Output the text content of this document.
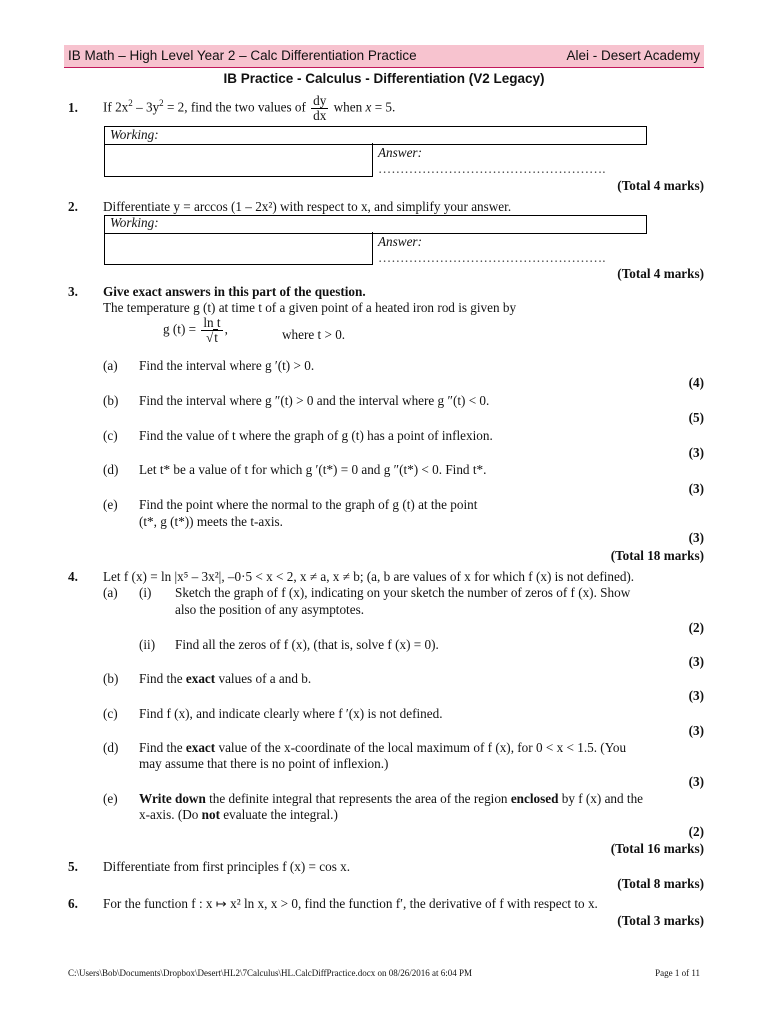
IB Math – High Level Year 2 – Calc Differentiation Practice	Alei - Desert Academy
IB Practice - Calculus - Differentiation (V2 Legacy)
1. If $2x^2 - 3y^2 = 2$, find the two values of $\frac{dy}{dx}$ when x = 5.
Working:
Answer:
…………………………………………….
(Total 4 marks)
2. Differentiate y = arccos (1 – 2x²) with respect to x, and simplify your answer.
Working:
Answer:
…………………………………………….
(Total 4 marks)
3. Give exact answers in this part of the question.
The temperature g (t) at time t of a given point of a heated iron rod is given by
g $(t) = \frac{\text{ln t}}{√t}$ ,	where t > 0.
(a) Find the interval where g ′(t) > 0.
(4)
(b) Find the interval where g ″(t) > 0 and the interval where g ″(t) < 0.
(5)
(c) Find the value of t where the graph of g (t) has a point of inflexion.
(3)
(d) Let t* be a value of t for which g ′(t*) = 0 and g ″(t*) < 0. Find t*.
(3)
(e) Find the point where the normal to the graph of g (t) at the point
(t*, g (t*)) meets the t-axis.
(3)
(Total 18 marks)
4. Let f (x) = ln |x⁵ – 3x²|, –0·5 < x < 2, x ≠ a, x ≠ b; (a, b are values of x for which f (x) is not defined).
(a) (i) Sketch the graph of f (x), indicating on your sketch the number of zeros of f (x). Show
also the position of any asymptotes.
(2)
(ii) Find all the zeros of f (x), (that is, solve f (x) = 0).
(3)
(b) Find the exact values of a and b.
(3)
(c) Find f (x), and indicate clearly where f ′(x) is not defined.
(3)
(d) Find the exact value of the x-coordinate of the local maximum of f (x), for 0 < x < 1.5. (You
may assume that there is no point of inflexion.)
(3)
(e) Write down the definite integral that represents the area of the region enclosed by f (x) and the
x-axis. (Do not evaluate the integral.)
(2)
(Total 16 marks)
5. Differentiate from first principles f (x) = cos x.
(Total 8 marks)
6. For the function f : x ↦ x² ln x, x > 0, find the function f′, the derivative of f with respect to x.
(Total 3 marks)
C:\Users\Bob\Documents\Dropbox\Desert\HL2\7Calculus\HL.CalcDiffPractice.docx on 08/26/2016 at 6:04 PM	Page 1 of 11
